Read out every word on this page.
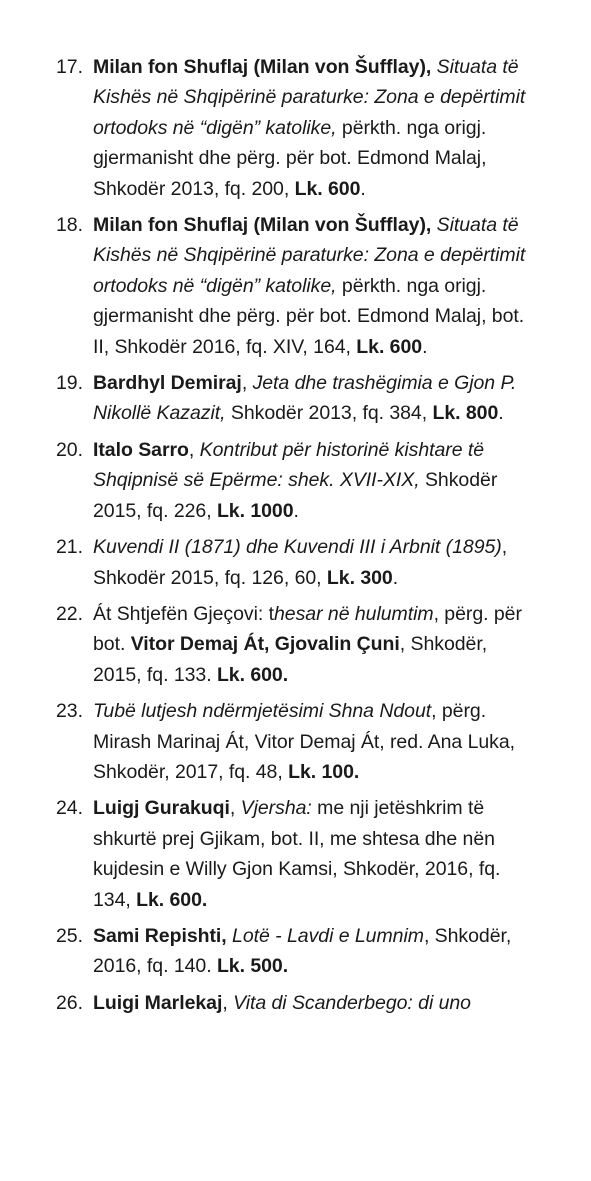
17. Milan fon Shuflaj (Milan von Šufflay), Situata të Kishës në Shqipërinë paraturke: Zona e depërtimit ortodoks në “digën” katolike, përkth. nga origj. gjermanisht dhe përg. për bot. Edmond Malaj, Shkodër 2013, fq. 200, Lk. 600.
18. Milan fon Shuflaj (Milan von Šufflay), Situata të Kishës në Shqipërinë paraturke: Zona e depërtimit ortodoks në “digën” katolike, përkth. nga origj. gjermanisht dhe përg. për bot. Edmond Malaj, bot. II, Shkodër 2016, fq. XIV, 164, Lk. 600.
19. Bardhyl Demiraj, Jeta dhe trashëgimia e Gjon P. Nikollë Kazazit, Shkodër 2013, fq. 384, Lk. 800.
20. Italo Sarro, Kontribut për historinë kishtare të Shqipnisë së Epërme: shek. XVII-XIX, Shkodër 2015, fq. 226, Lk. 1000.
21. Kuvendi II (1871) dhe Kuvendi III i Arbnit (1895), Shkodër 2015, fq. 126, 60, Lk. 300.
22. Át Shtjefën Gjeçovi: thesar në hulumtim, përg. për bot. Vitor Demaj Át, Gjovalin Çuni, Shkodër, 2015, fq. 133. Lk. 600.
23. Tubë lutjesh ndërmjetësimi Shna Ndout, përg. Mirash Marinaj Át, Vitor Demaj Át, red. Ana Luka, Shkodër, 2017, fq. 48, Lk. 100.
24. Luigj Gurakuqi, Vjersha: me nji jetëshkrim të shkurtë prej Gjikam, bot. II, me shtesa dhe nën kujdesin e Willy Gjon Kamsi, Shkodër, 2016, fq. 134, Lk. 600.
25. Sami Repishti, Lotë - Lavdi e Lumnim, Shkodër, 2016, fq. 140. Lk. 500.
26. Luigi Marlekaj, Vita di Scanderbego: di uno
